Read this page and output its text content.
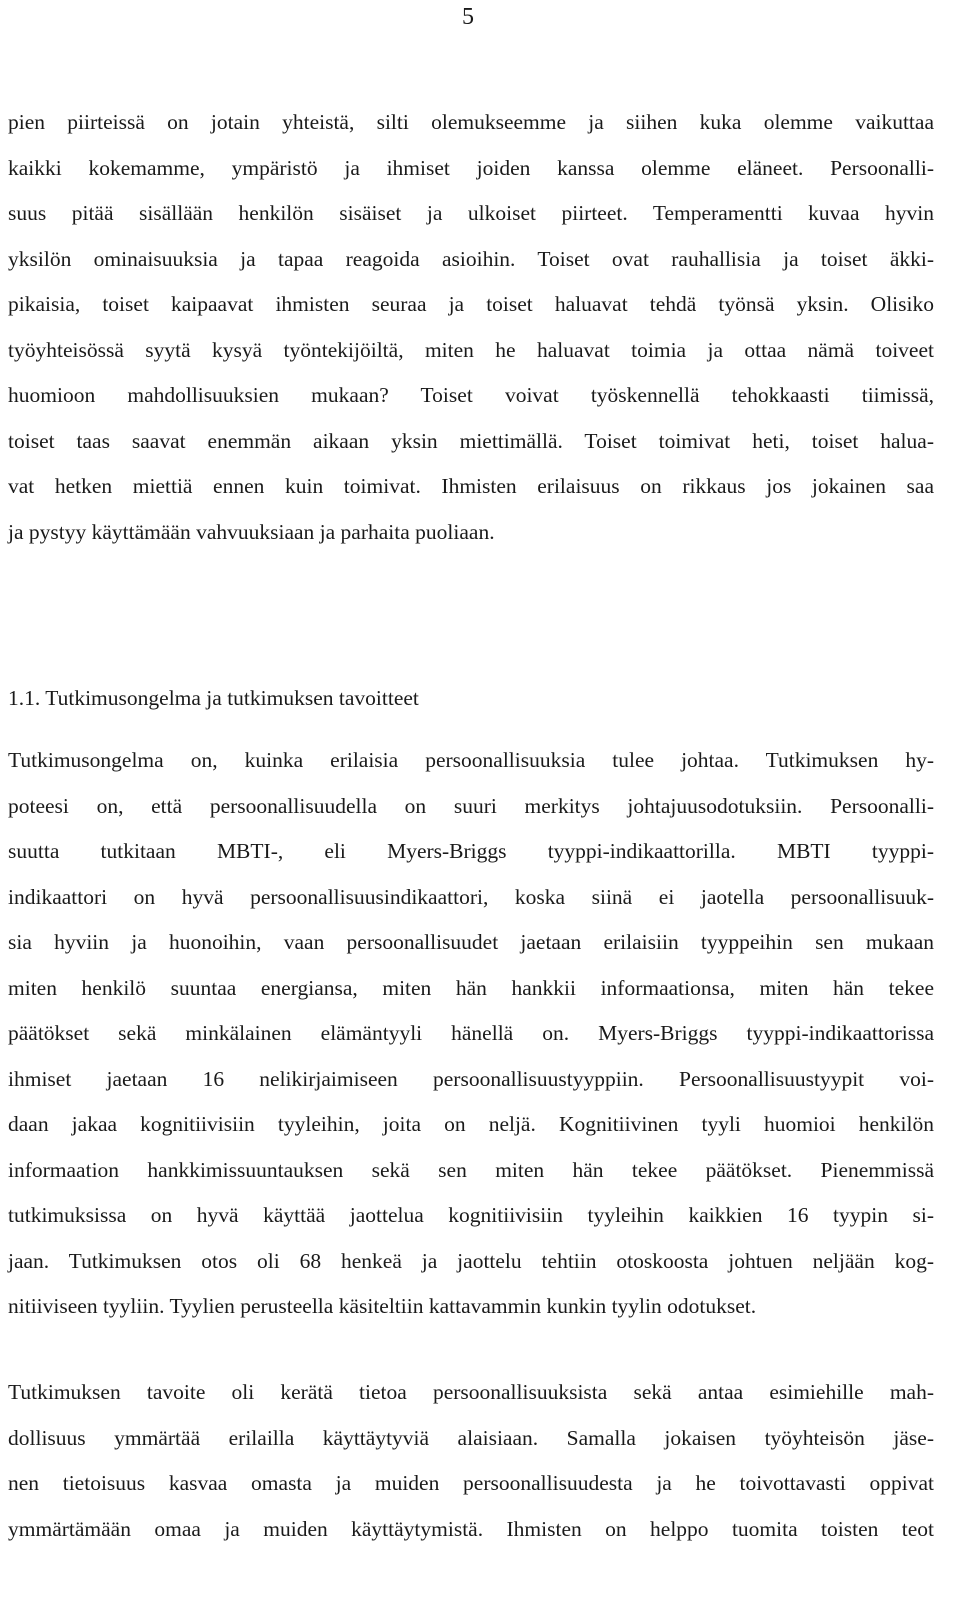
5
pien piirteissä on jotain yhteistä, silti olemukseemme ja siihen kuka olemme vaikuttaa
kaikki kokemamme, ympäristö ja ihmiset joiden kanssa olemme eläneet. Persoonalli-
suus pitää sisällään henkilön sisäiset ja ulkoiset piirteet. Temperamentti kuvaa hyvin
yksilön ominaisuuksia ja tapaa reagoida asioihin. Toiset ovat rauhallisia ja toiset äkki-
pikaisia, toiset kaipaavat ihmisten seuraa ja toiset haluavat tehdä työnsä yksin. Olisiko
työyhteisössä syytä kysyä työntekijöiltä, miten he haluavat toimia ja ottaa nämä toiveet
huomioon mahdollisuuksien mukaan? Toiset voivat työskennellä tehokkaasti tiimissä,
toiset taas saavat enemmän aikaan yksin miettimällä. Toiset toimivat heti, toiset halua-
vat hetken miettiä ennen kuin toimivat. Ihmisten erilaisuus on rikkaus jos jokainen saa
ja pystyy käyttämään vahvuuksiaan ja parhaita puoliaan.
1.1. Tutkimusongelma ja tutkimuksen tavoitteet
Tutkimusongelma on, kuinka erilaisia persoonallisuuksia tulee johtaa. Tutkimuksen hy-
poteesi on, että persoonallisuudella on suuri merkitys johtajuusodotuksiin. Persoonalli-
suutta tutkitaan MBTI-, eli Myers-Briggs tyyppi-indikaattorilla. MBTI tyyppi-
indikaattori on hyvä persoonallisuusindikaattori, koska siinä ei jaotella persoonallisuuk-
sia hyviin ja huonoihin, vaan persoonallisuudet jaetaan erilaisiin tyyppeihin sen mukaan
miten henkilö suuntaa energiansa, miten hän hankkii informaationsa, miten hän tekee
päätökset sekä minkälainen elämäntyyli hänellä on. Myers-Briggs tyyppi-indikaattorissa
ihmiset jaetaan 16 nelikirjaimiseen persoonallisuustyyppiin. Persoonallisuustyypit voi-
daan jakaa kognitiivisiin tyyleihin, joita on neljä. Kognitiivinen tyyli huomioi henkilön
informaation hankkimissuuntauksen sekä sen miten hän tekee päätökset. Pienemmissä
tutkimuksissa on hyvä käyttää jaottelua kognitiivisiin tyyleihin kaikkien 16 tyypin si-
jaan. Tutkimuksen otos oli 68 henkeä ja jaottelu tehtiin otoskoosta johtuen neljään kog-
nitiiviseen tyyliin. Tyylien perusteella käsiteltiin kattavammin kunkin tyylin odotukset.
Tutkimuksen tavoite oli kerätä tietoa persoonallisuuksista sekä antaa esimiehille mah-
dollisuus ymmärtää erilailla käyttäytyviä alaisiaan. Samalla jokaisen työyhteisön jäse-
nen tietoisuus kasvaa omasta ja muiden persoonallisuudesta ja he toivottavasti oppivat
ymmärtämään omaa ja muiden käyttäytymistä. Ihmisten on helppo tuomita toisten teot
